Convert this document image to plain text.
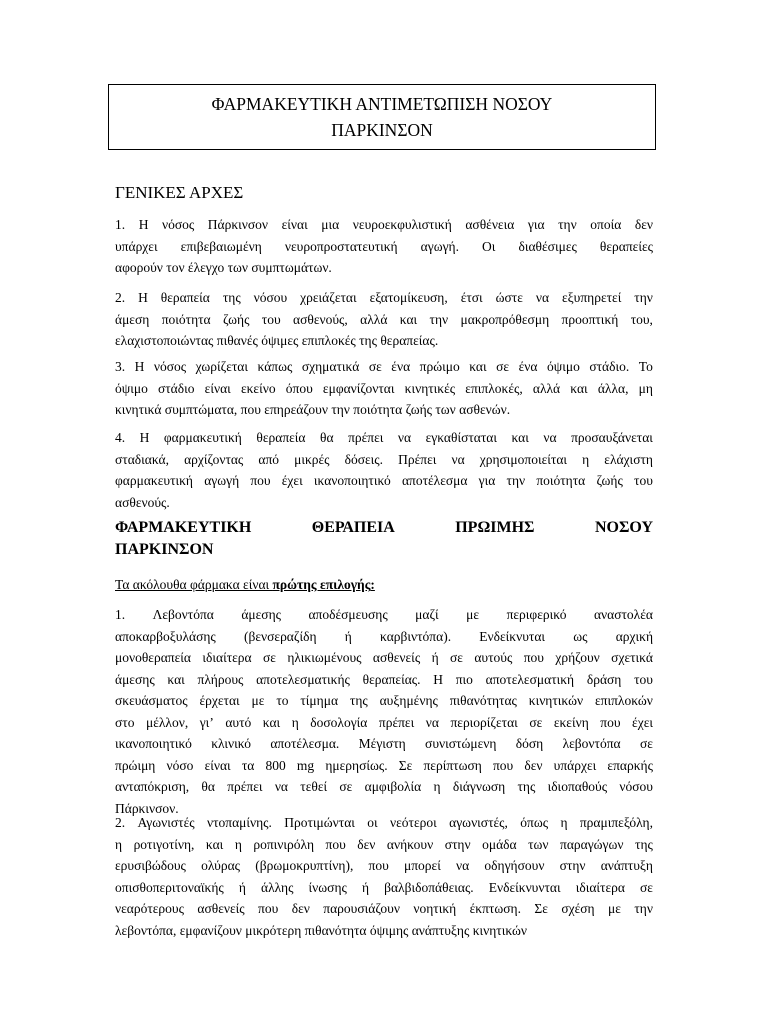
ΦΑΡΜΑΚΕΥΤΙΚΗ ΑΝΤΙΜΕΤΩΠΙΣΗ ΝΟΣΟΥ
ΠΑΡΚΙΝΣΟΝ
ΓΕΝΙΚΕΣ ΑΡΧΕΣ
1. Η νόσος Πάρκινσον είναι μια νευροεκφυλιστική ασθένεια για την οποία δεν
υπάρχει επιβεβαιωμένη νευροπροστατευτική αγωγή. Οι διαθέσιμες θεραπείες
αφορούν τον έλεγχο των συμπτωμάτων.
2. Η θεραπεία της νόσου χρειάζεται εξατομίκευση, έτσι ώστε να εξυπηρετεί την
άμεση ποιότητα ζωής του ασθενούς, αλλά και την μακροπρόθεσμη προοπτική του,
ελαχιστοποιώντας πιθανές όψιμες επιπλοκές της θεραπείας.
3. Η νόσος χωρίζεται κάπως σχηματικά σε ένα πρώιμο και σε ένα όψιμο στάδιο. Το
όψιμο στάδιο είναι εκείνο όπου εμφανίζονται κινητικές επιπλοκές, αλλά και άλλα, μη
κινητικά συμπτώματα, που επηρεάζουν την ποιότητα ζωής των ασθενών.
4. Η φαρμακευτική θεραπεία θα πρέπει να εγκαθίσταται και να προσαυξάνεται
σταδιακά, αρχίζοντας από μικρές δόσεις. Πρέπει να χρησιμοποιείται η ελάχιστη
φαρμακευτική αγωγή που έχει ικανοποιητικό αποτέλεσμα για την ποιότητα ζωής του
ασθενούς.
ΦΑΡΜΑΚΕΥΤΙΚΗ	ΘΕΡΑΠΕΙΑ	ΠΡΩΙΜΗΣ	ΝΟΣΟΥ
ΠΑΡΚΙΝΣΟΝ
Τα ακόλουθα φάρμακα είναι πρώτης επιλογής:
1. Λεβοντόπα άμεσης αποδέσμευσης μαζί με περιφερικό αναστολέα
αποκαρβοξυλάσης (βενσεραζίδη ή καρβιντόπα). Ενδείκνυται ως αρχική
μονοθεραπεία ιδιαίτερα σε ηλικιωμένους ασθενείς ή σε αυτούς που χρήζουν σχετικά
άμεσης και πλήρους αποτελεσματικής θεραπείας. Η πιο αποτελεσματική δράση του
σκευάσματος έρχεται με το τίμημα της αυξημένης πιθανότητας κινητικών επιπλοκών
στο μέλλον, γι’ αυτό και η δοσολογία πρέπει να περιορίζεται σε εκείνη που έχει
ικανοποιητικό κλινικό αποτέλεσμα. Μέγιστη συνιστώμενη δόση λεβοντόπα σε
πρώιμη νόσο είναι τα 800 mg ημερησίως. Σε περίπτωση που δεν υπάρχει επαρκής
ανταπόκριση, θα πρέπει να τεθεί σε αμφιβολία η διάγνωση της ιδιοπαθούς νόσου
Πάρκινσον.
2. Αγωνιστές ντοπαμίνης. Προτιμώνται οι νεότεροι αγωνιστές, όπως η πραμιπεξόλη,
η ροτιγοτίνη, και η ροπινιρόλη που δεν ανήκουν στην ομάδα των παραγώγων της
ερυσιβώδους ολύρας (βρωμοκρυπτίνη), που μπορεί να οδηγήσουν στην ανάπτυξη
οπισθοπεριτοναϊκής ή άλλης ίνωσης ή βαλβιδοπάθειας. Ενδείκνυνται ιδιαίτερα σε
νεαρότερους ασθενείς που δεν παρουσιάζουν νοητική έκπτωση. Σε σχέση με την
λεβοντόπα, εμφανίζουν μικρότερη πιθανότητα όψιμης ανάπτυξης κινητικών
